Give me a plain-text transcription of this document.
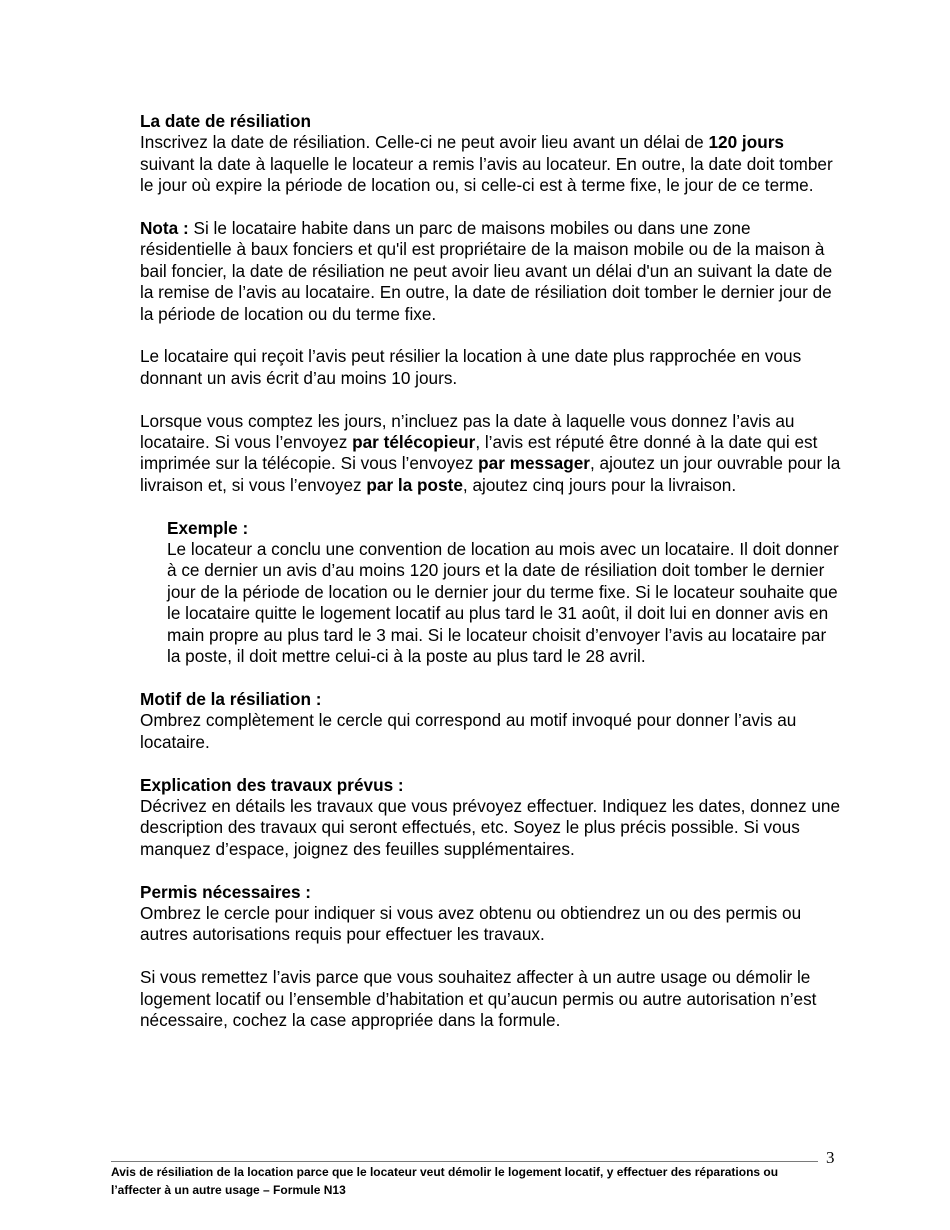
La date de résiliation
Inscrivez la date de résiliation. Celle-ci ne peut avoir lieu avant un délai de 120 jours suivant la date à laquelle le locateur a remis l’avis au locateur. En outre, la date doit tomber le jour où expire la période de location ou, si celle-ci est à terme fixe, le jour de ce terme.
Nota : Si le locataire habite dans un parc de maisons mobiles ou dans une zone résidentielle à baux fonciers et qu'il est propriétaire de la maison mobile ou de la maison à bail foncier, la date de résiliation ne peut avoir lieu avant un délai d'un an suivant la date de la remise de l’avis au locataire. En outre, la date de résiliation doit tomber le dernier jour de la période de location ou du terme fixe.
Le locataire qui reçoit l’avis peut résilier la location à une date plus rapprochée en vous donnant un avis écrit d’au moins 10 jours.
Lorsque vous comptez les jours, n’incluez pas la date à laquelle vous donnez l’avis au locataire. Si vous l’envoyez par télécopieur, l’avis est réputé être donné à la date qui est imprimée sur la télécopie. Si vous l’envoyez par messager, ajoutez un jour ouvrable pour la livraison et, si vous l’envoyez par la poste, ajoutez cinq jours pour la livraison.
Exemple :
Le locateur a conclu une convention de location au mois avec un locataire. Il doit donner à ce dernier un avis d’au moins 120 jours et la date de résiliation doit tomber le dernier jour de la période de location ou le dernier jour du terme fixe. Si le locateur souhaite que le locataire quitte le logement locatif au plus tard le 31 août, il doit lui en donner avis en main propre au plus tard le 3 mai. Si le locateur choisit d’envoyer l’avis au locataire par la poste, il doit mettre celui-ci à la poste au plus tard le 28 avril.
Motif de la résiliation :
Ombrez complètement le cercle qui correspond au motif invoqué pour donner l’avis au locataire.
Explication des travaux prévus :
Décrivez en détails les travaux que vous prévoyez effectuer. Indiquez les dates, donnez une description des travaux qui seront effectués, etc. Soyez le plus précis possible. Si vous manquez d’espace, joignez des feuilles supplémentaires.
Permis nécessaires :
Ombrez le cercle pour indiquer si vous avez obtenu ou obtiendrez un ou des permis ou autres autorisations requis pour effectuer les travaux.
Si vous remettez l’avis parce que vous souhaitez affecter à un autre usage ou démolir le logement locatif ou l’ensemble d’habitation et qu’aucun permis ou autre autorisation n’est nécessaire, cochez la case appropriée dans la formule.
3
Avis de résiliation de la location parce que le locateur veut démolir le logement locatif, y effectuer des réparations ou l’affecter à un autre usage – Formule N13
